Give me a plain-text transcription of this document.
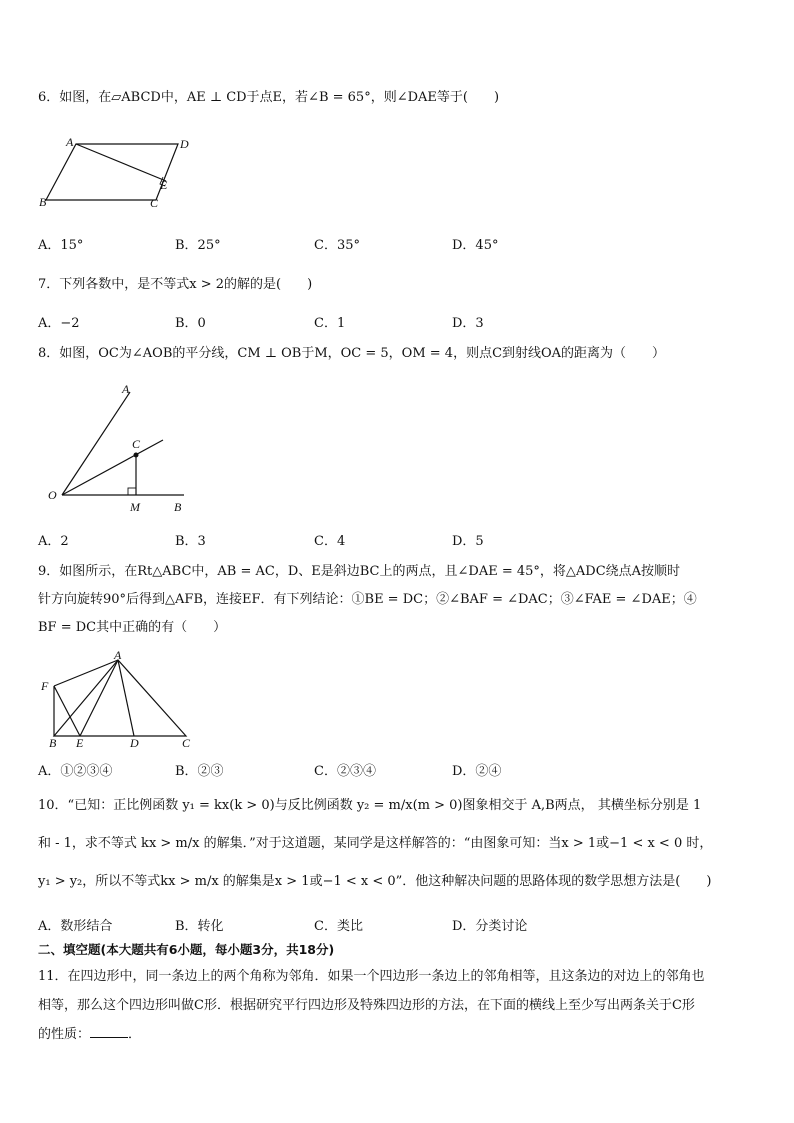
6．如图，在▱ABCD中，AE ⊥ CD于点E，若∠B = 65°，则∠DAE等于(　　)
A	D
B	C
E
A．15°	B．25°	C．35°	D．45°
7．下列各数中，是不等式x > 2的解的是(　　)
A．−2	B．0	C．1	D．3
8．如图，OC为∠AOB的平分线，CM ⊥ OB于M，OC = 5，OM = 4，则点C到射线OA的距离为（　　）
A
C
O
M	B
A．2	B．3	C．4	D．5
9．如图所示，在Rt△ABC中，AB = AC，D、E是斜边BC上的两点，且∠DAE = 45°，将△ADC绕点A按顺时
针方向旋转90°后得到△AFB，连接EF．有下列结论：①BE = DC；②∠BAF = ∠DAC；③∠FAE = ∠DAE；④
BF = DC其中正确的有（　　）
A
F
B E	D	C
A．①②③④	B．②③	C．②③④	D．②④
10．“已知：正比例函数 y₁ = kx(k > 0)与反比例函数 y₂ = m/x(m > 0)图象相交于 A,B两点， 其横坐标分别是 1
和 - 1，求不等式 kx > m/x 的解集．”对于这道题，某同学是这样解答的：“由图象可知：当x > 1或−1 < x < 0 时，
y₁ > y₂，所以不等式kx > m/x 的解集是x > 1或−1 < x < 0”．他这种解决问题的思路体现的数学思想方法是(　　)
A．数形结合	B．转化	C．类比	D．分类讨论
二、填空题(本大题共有6小题，每小题3分，共18分)
11．在四边形中，同一条边上的两个角称为邻角．如果一个四边形一条边上的邻角相等，且这条边的对边上的邻角也
相等，那么这个四边形叫做C形．根据研究平行四边形及特殊四边形的方法，在下面的横线上至少写出两条关于C形
的性质：	．
